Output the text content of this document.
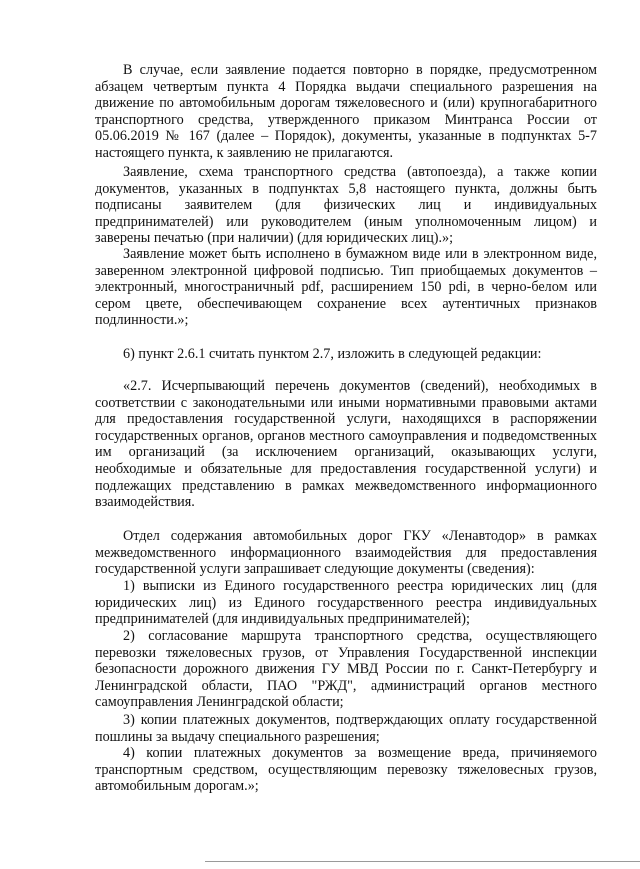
В случае, если заявление подается повторно в порядке, предусмотренном абзацем четвертым пункта 4 Порядка выдачи специального разрешения на движение по автомобильным дорогам тяжеловесного и (или) крупногабаритного транспортного средства, утвержденного приказом Минтранса России от 05.06.2019 № 167 (далее – Порядок), документы, указанные в подпунктах 5-7 настоящего пункта, к заявлению не прилагаются.
Заявление, схема транспортного средства (автопоезда), а также копии документов, указанных в подпунктах 5,8 настоящего пункта, должны быть подписаны заявителем (для физических лиц и индивидуальных предпринимателей) или руководителем (иным уполномоченным лицом) и заверены печатью (при наличии) (для юридических лиц).»;
Заявление может быть исполнено в бумажном виде или в электронном виде, заверенном электронной цифровой подписью. Тип приобщаемых документов – электронный, многостраничный pdf, расширением 150 pdi, в черно-белом или сером цвете, обеспечивающем сохранение всех аутентичных признаков подлинности.»;
6) пункт 2.6.1 считать пунктом 2.7, изложить в следующей редакции:
«2.7. Исчерпывающий перечень документов (сведений), необходимых в соответствии с законодательными или иными нормативными правовыми актами для предоставления государственной услуги, находящихся в распоряжении государственных органов, органов местного самоуправления и подведомственных им организаций (за исключением организаций, оказывающих услуги, необходимые и обязательные для предоставления государственной услуги) и подлежащих представлению в рамках межведомственного информационного взаимодействия.
Отдел содержания автомобильных дорог ГКУ «Ленавтодор» в рамках межведомственного информационного взаимодействия для предоставления государственной услуги запрашивает следующие документы (сведения):
1) выписки из Единого государственного реестра юридических лиц (для юридических лиц) из Единого государственного реестра индивидуальных предпринимателей (для индивидуальных предпринимателей);
2) согласование маршрута транспортного средства, осуществляющего перевозки тяжеловесных грузов, от Управления Государственной инспекции безопасности дорожного движения ГУ МВД России по г. Санкт-Петербургу и Ленинградской области, ПАО "РЖД", администраций органов местного самоуправления Ленинградской области;
3) копии платежных документов, подтверждающих оплату государственной пошлины за выдачу специального разрешения;
4) копии платежных документов за возмещение вреда, причиняемого транспортным средством, осуществляющим перевозку тяжеловесных грузов, автомобильным дорогам.»;
